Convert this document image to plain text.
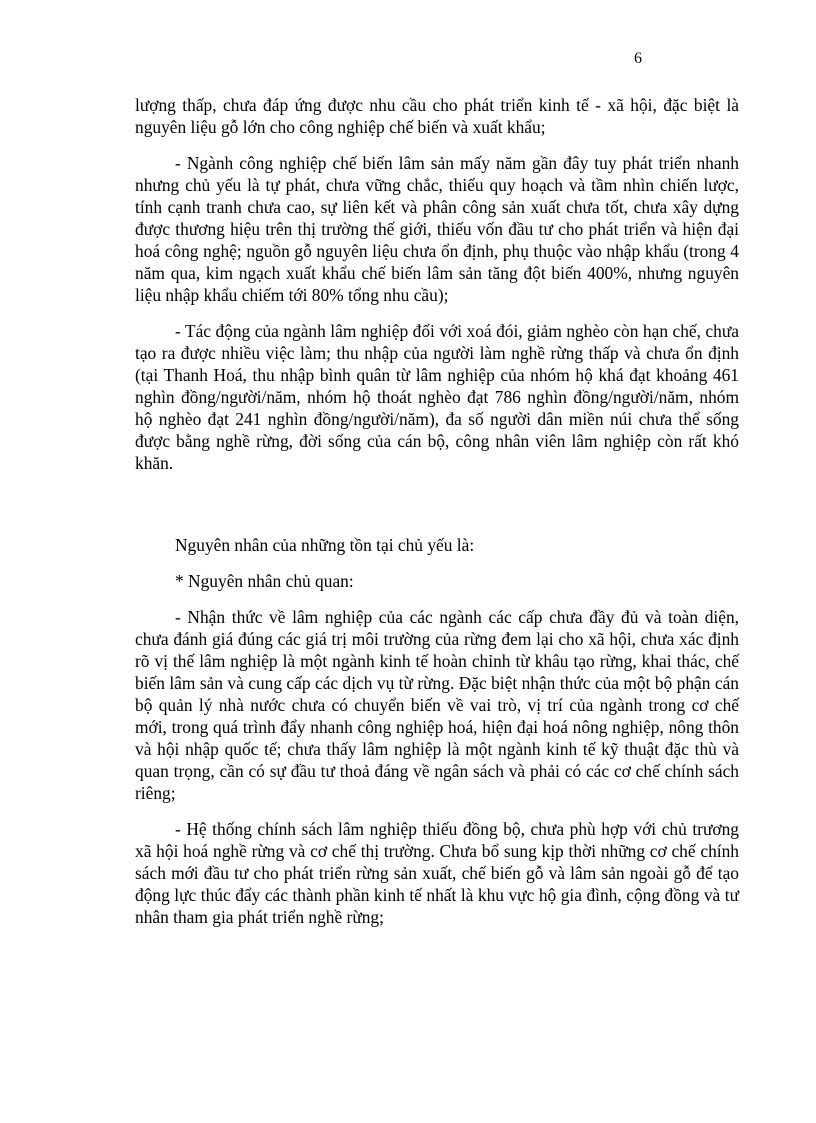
6

lượng thấp, chưa đáp ứng được nhu cầu cho phát triển kinh tế - xã hội, đặc biệt là nguyên liệu gỗ lớn cho công nghiệp chế biến và xuất khẩu;

- Ngành công nghiệp chế biến lâm sản mấy năm gần đây tuy phát triển nhanh nhưng chủ yếu là tự phát, chưa vững chắc, thiếu quy hoạch và tầm nhìn chiến lược, tính cạnh tranh chưa cao, sự liên kết và phân công sản xuất chưa tốt, chưa xây dựng được thương hiệu trên thị trường thế giới, thiếu vốn đầu tư cho phát triển và hiện đại hoá công nghệ; nguồn gỗ nguyên liệu chưa ổn định, phụ thuộc vào nhập khẩu (trong 4 năm qua, kim ngạch xuất khẩu chế biến lâm sản tăng đột biến 400%, nhưng nguyên liệu nhập khẩu chiếm tới 80% tổng nhu cầu);

- Tác động của ngành lâm nghiệp đối với xoá đói, giảm nghèo còn hạn chế, chưa tạo ra được nhiều việc làm; thu nhập của người làm nghề rừng thấp và chưa ổn định (tại Thanh Hoá, thu nhập bình quân từ lâm nghiệp của nhóm hộ khá đạt khoảng 461 nghìn đồng/người/năm, nhóm hộ thoát nghèo đạt 786 nghìn đồng/người/năm, nhóm hộ nghèo đạt 241 nghìn đồng/người/năm), đa số người dân miền núi chưa thể sống được bằng nghề rừng, đời sống của cán bộ, công nhân viên lâm nghiệp còn rất khó khăn.

Nguyên nhân của những tồn tại chủ yếu là:

* Nguyên nhân chủ quan:

- Nhận thức về lâm nghiệp của các ngành các cấp chưa đầy đủ và toàn diện, chưa đánh giá đúng các giá trị môi trường của rừng đem lại cho xã hội, chưa xác định rõ vị thế lâm nghiệp là một ngành kinh tế hoàn chỉnh từ khâu tạo rừng, khai thác, chế biến lâm sản và cung cấp các dịch vụ từ rừng. Đặc biệt nhận thức của một bộ phận cán bộ quản lý nhà nước chưa có chuyển biến về vai trò, vị trí của ngành trong cơ chế mới, trong quá trình đẩy nhanh công nghiệp hoá, hiện đại hoá nông nghiệp, nông thôn và hội nhập quốc tế; chưa thấy lâm nghiệp là một ngành kinh tế kỹ thuật đặc thù và quan trọng, cần có sự đầu tư thoả đáng về ngân sách và phải có các cơ chế chính sách riêng;

- Hệ thống chính sách lâm nghiệp thiếu đồng bộ, chưa phù hợp với chủ trương xã hội hoá nghề rừng và cơ chế thị trường. Chưa bổ sung kịp thời những cơ chế chính sách mới đầu tư cho phát triển rừng sản xuất, chế biến gỗ và lâm sản ngoài gỗ để tạo động lực thúc đẩy các thành phần kinh tế nhất là khu vực hộ gia đình, cộng đồng và tư nhân tham gia phát triển nghề rừng;
